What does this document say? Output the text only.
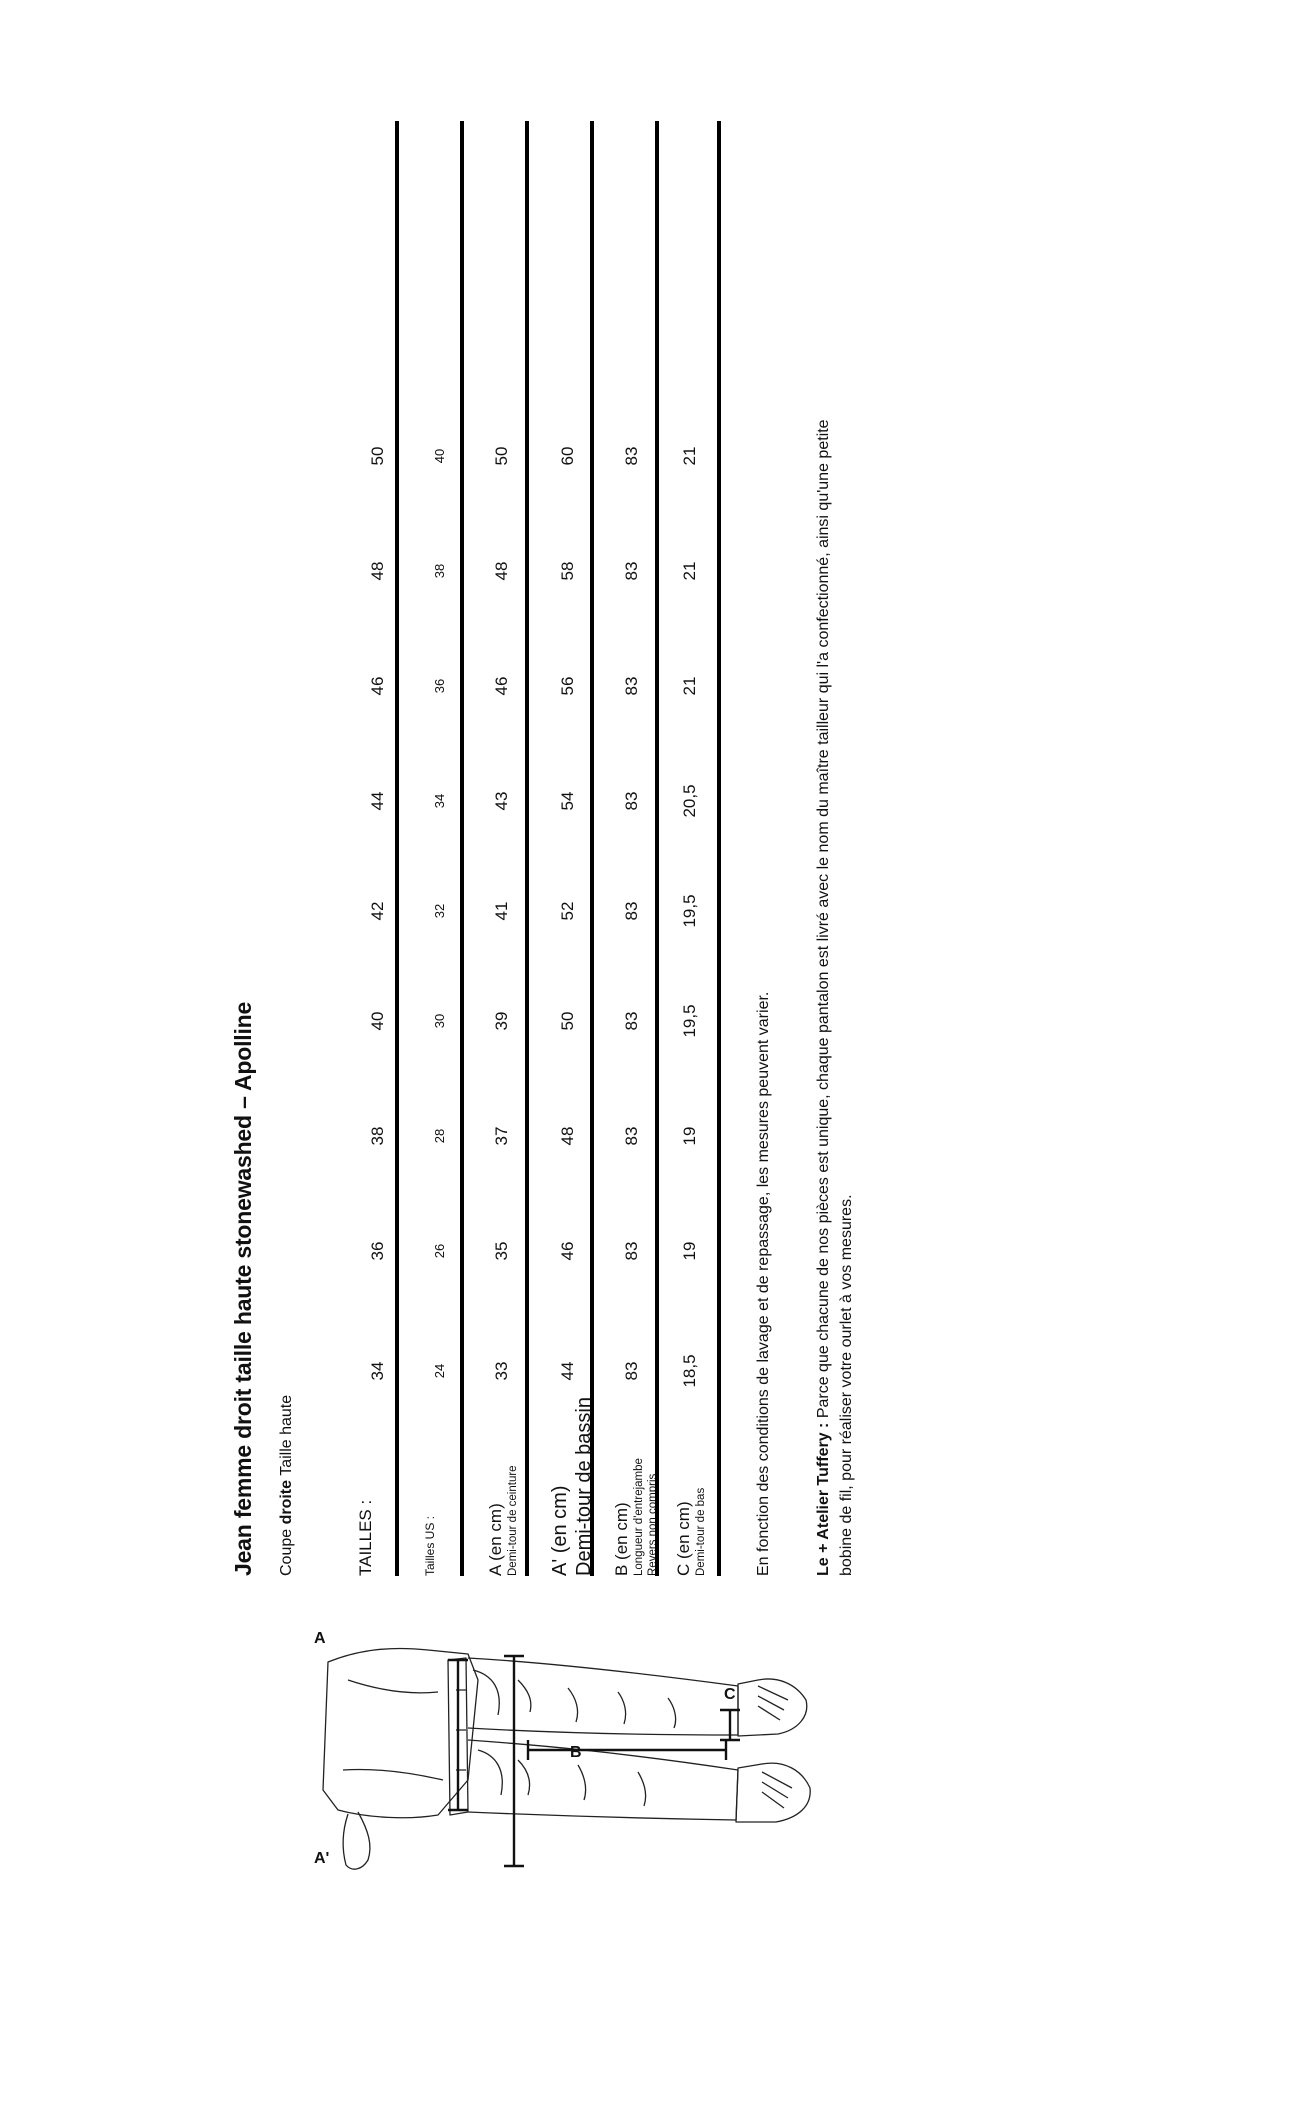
Jean femme droit taille haute stonewashed – Apolline Coupe droite Taille haute	En fonction des conditions de lavage et de repassage, les mesures peuvent varier.	Le + Atelier Tuffery : Parce que chacune de nos pièces est unique, chaque pantalon est livré avec le nom du maître tailleur qui l'a confectionné, ainsi qu'une petite bobine de fil, pour réaliser votre ourlet à vos mesures.
TAILLES :
34
36
38
40
42
44
46
48
50
Tailles US :
24
26
28
30
32
34
36
38
40
A (en cm) Demi-tour de ceinture
33
35
37
39
41
43
46
48
50
A' (en cm) Demi-tour de bassin
44
46
48
50
52
54
56
58
60
B (en cm) Longueur d'entrejambe Revers non compris
83
83
83
83
83
83
83
83
83
C (en cm) Demi-tour de bas
18,5
19
19
19,5
19,5
20,5
21
21
21
A
A'
B
C
